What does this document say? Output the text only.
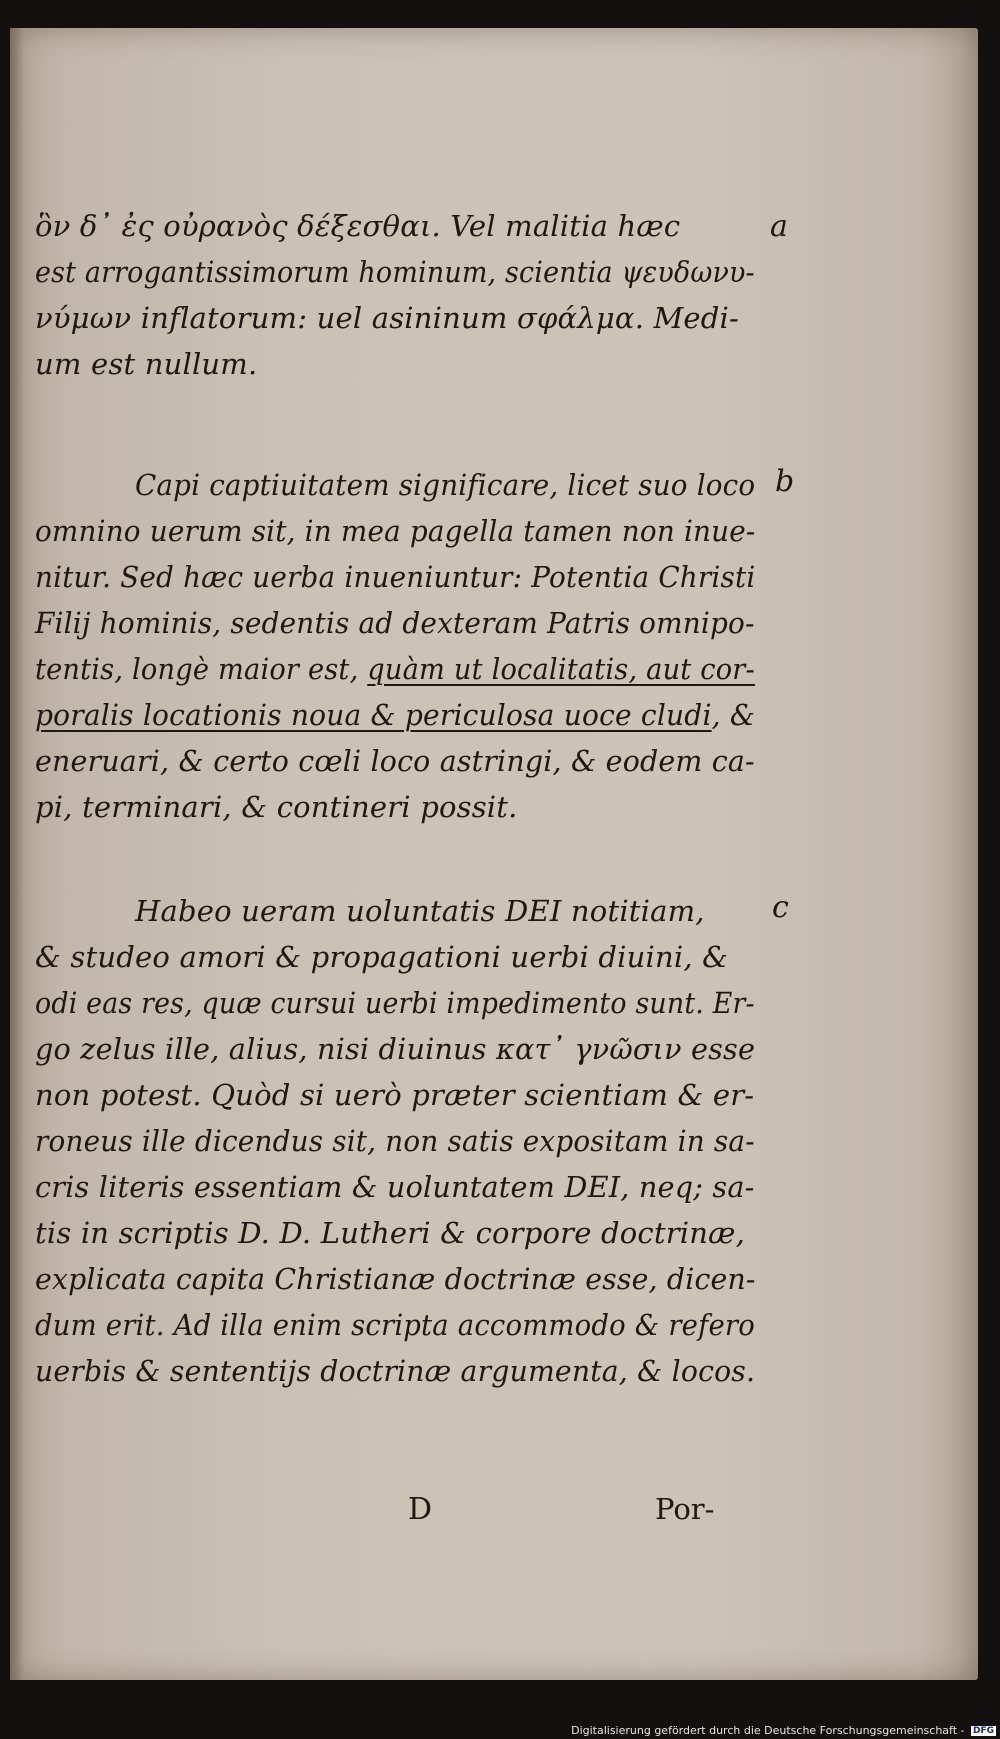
a
ὃν δ᾽ ἐς οὐρανὸς δέξεσθαι. Vel malitia hæc
est arrogantissimorum hominum, scientia ψευδωνυ-
νύμων inflatorum: uel asininum σφάλμα. Medi-
um est nullum.
b
Capi captiuitatem significare, licet suo loco
omnino uerum sit, in mea pagella tamen non inue-
nitur. Sed hæc uerba inueniuntur: Potentia Christi
Filij hominis, sedentis ad dexteram Patris omnipo-
tentis, longè maior est, quàm ut localitatis, aut cor-
poralis locationis noua & periculosa uoce cludi, &
eneruari, & certo cœli loco astringi, & eodem ca-
pi, terminari, & contineri possit.
c
Habeo ueram uoluntatis DEI notitiam,
& studeo amori & propagationi uerbi diuini, &
odi eas res, quæ cursui uerbi impedimento sunt. Er-
go zelus ille, alius, nisi diuinus κατ᾽ γνῶσιν esse
non potest. Quòd si uerò præter scientiam & er-
roneus ille dicendus sit, non satis expositam in sa-
cris literis essentiam & uoluntatem DEI, neq; sa-
tis in scriptis D. D. Lutheri & corpore doctrinæ,
explicata capita Christianæ doctrinæ esse, dicen-
dum erit. Ad illa enim scripta accommodo & refero
uerbis & sententijs doctrinæ argumenta, & locos.
D	Por-
Digitalisierung gefördert durch die Deutsche Forschungsgemeinschaft - DFG
